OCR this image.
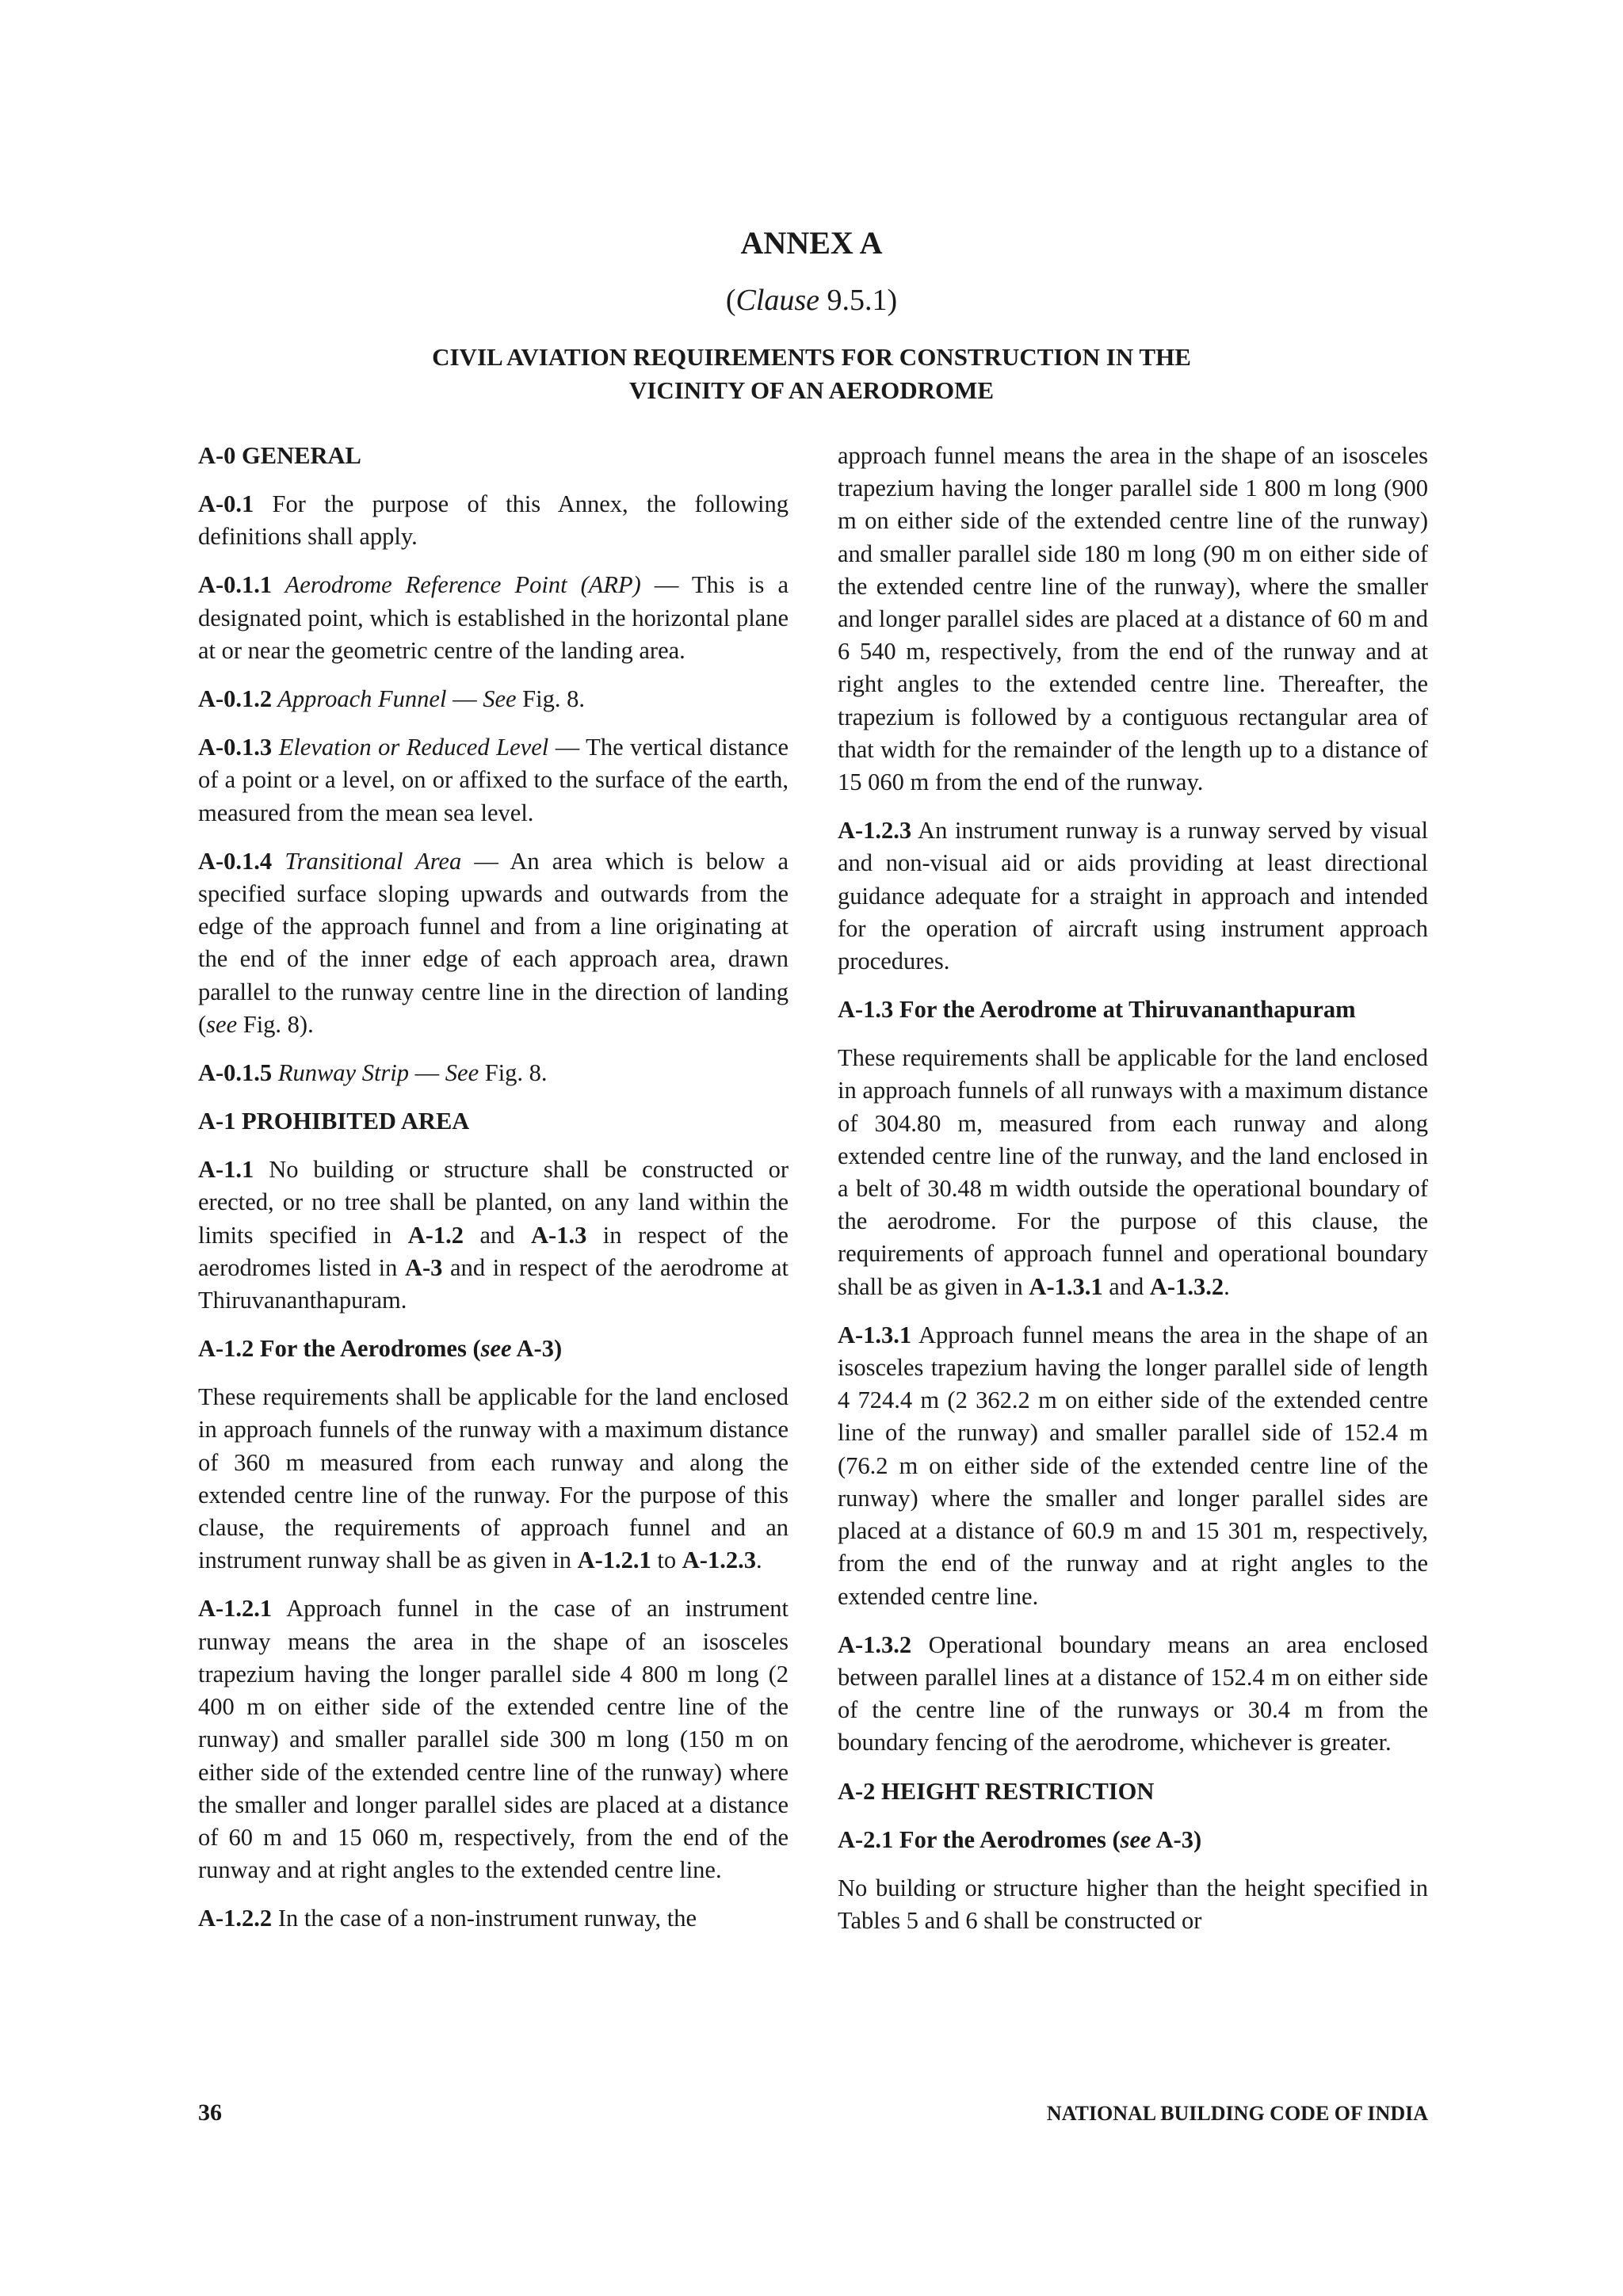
ANNEX A
(Clause 9.5.1)
CIVIL AVIATION REQUIREMENTS FOR CONSTRUCTION IN THE
VICINITY OF AN AERODROME
A-0 GENERAL

A-0.1 For the purpose of this Annex, the following definitions shall apply.

A-0.1.1 Aerodrome Reference Point (ARP) — This is a designated point, which is established in the horizontal plane at or near the geometric centre of the landing area.

A-0.1.2 Approach Funnel — See Fig. 8.

A-0.1.3 Elevation or Reduced Level — The vertical distance of a point or a level, on or affixed to the surface of the earth, measured from the mean sea level.

A-0.1.4 Transitional Area — An area which is below a specified surface sloping upwards and outwards from the edge of the approach funnel and from a line originating at the end of the inner edge of each approach area, drawn parallel to the runway centre line in the direction of landing (see Fig. 8).

A-0.1.5 Runway Strip — See Fig. 8.

A-1 PROHIBITED AREA

A-1.1 No building or structure shall be constructed or erected, or no tree shall be planted, on any land within the limits specified in A-1.2 and A-1.3 in respect of the aerodromes listed in A-3 and in respect of the aerodrome at Thiruvananthapuram.

A-1.2 For the Aerodromes (see A-3)

These requirements shall be applicable for the land enclosed in approach funnels of the runway with a maximum distance of 360 m measured from each runway and along the extended centre line of the runway. For the purpose of this clause, the requirements of approach funnel and an instrument runway shall be as given in A-1.2.1 to A-1.2.3.

A-1.2.1 Approach funnel in the case of an instrument runway means the area in the shape of an isosceles trapezium having the longer parallel side 4 800 m long (2 400 m on either side of the extended centre line of the runway) and smaller parallel side 300 m long (150 m on either side of the extended centre line of the runway) where the smaller and longer parallel sides are placed at a distance of 60 m and 15 060 m, respectively, from the end of the runway and at right angles to the extended centre line.

A-1.2.2 In the case of a non-instrument runway, the

approach funnel means the area in the shape of an isosceles trapezium having the longer parallel side 1 800 m long (900 m on either side of the extended centre line of the runway) and smaller parallel side 180 m long (90 m on either side of the extended centre line of the runway), where the smaller and longer parallel sides are placed at a distance of 60 m and 6 540 m, respectively, from the end of the runway and at right angles to the extended centre line. Thereafter, the trapezium is followed by a contiguous rectangular area of that width for the remainder of the length up to a distance of 15 060 m from the end of the runway.

A-1.2.3 An instrument runway is a runway served by visual and non-visual aid or aids providing at least directional guidance adequate for a straight in approach and intended for the operation of aircraft using instrument approach procedures.

A-1.3 For the Aerodrome at Thiruvananthapuram

These requirements shall be applicable for the land enclosed in approach funnels of all runways with a maximum distance of 304.80 m, measured from each runway and along extended centre line of the runway, and the land enclosed in a belt of 30.48 m width outside the operational boundary of the aerodrome. For the purpose of this clause, the requirements of approach funnel and operational boundary shall be as given in A-1.3.1 and A-1.3.2.

A-1.3.1 Approach funnel means the area in the shape of an isosceles trapezium having the longer parallel side of length 4 724.4 m (2 362.2 m on either side of the extended centre line of the runway) and smaller parallel side of 152.4 m (76.2 m on either side of the extended centre line of the runway) where the smaller and longer parallel sides are placed at a distance of 60.9 m and 15 301 m, respectively, from the end of the runway and at right angles to the extended centre line.

A-1.3.2 Operational boundary means an area enclosed between parallel lines at a distance of 152.4 m on either side of the centre line of the runways or 30.4 m from the boundary fencing of the aerodrome, whichever is greater.

A-2 HEIGHT RESTRICTION
A-2.1 For the Aerodromes (see A-3)

No building or structure higher than the height specified in Tables 5 and 6 shall be constructed or

36	NATIONAL BUILDING CODE OF INDIA
